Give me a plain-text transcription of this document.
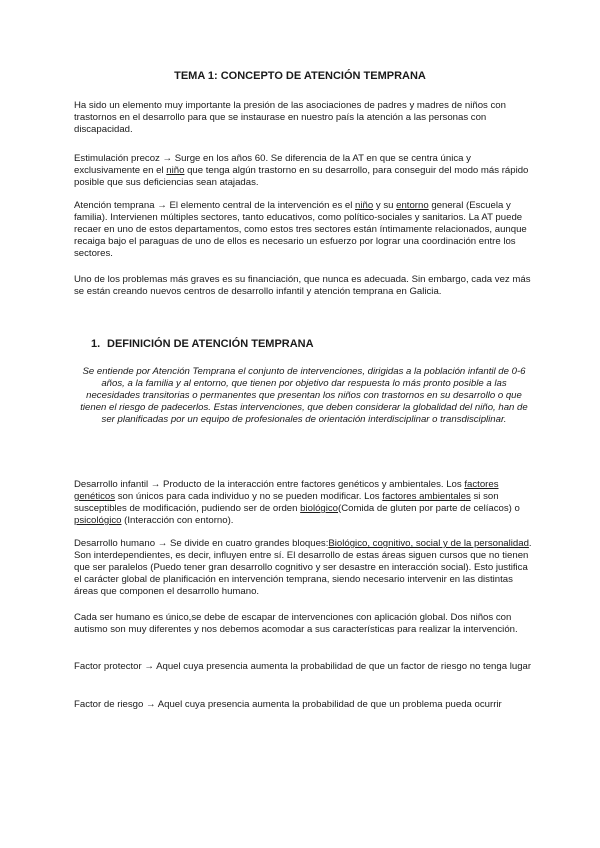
TEMA 1: CONCEPTO DE ATENCIÓN TEMPRANA

Ha sido un elemento muy importante la presión de las asociaciones de padres y madres de niños con trastornos en el desarrollo para que se instaurase en nuestro país la atención a las personas con discapacidad.

Estimulación precoz → Surge en los años 60. Se diferencia de la AT en que se centra única y exclusivamente en el niño que tenga algún trastorno en su desarrollo, para conseguir del modo más rápido posible que sus deficiencias sean atajadas.

Atención temprana → El elemento central de la intervención es el niño y su entorno general (Escuela y familia). Intervienen múltiples sectores, tanto educativos, como político-sociales y sanitarios. La AT puede recaer en uno de estos departamentos, como estos tres sectores están íntimamente relacionados, aunque recaiga bajo el paraguas de uno de ellos es necesario un esfuerzo por lograr una coordinación entre los sectores.

Uno de los problemas más graves es su financiación, que nunca es adecuada. Sin embargo, cada vez más se están creando nuevos centros de desarrollo infantil y atención temprana en Galicia.

1. DEFINICIÓN DE ATENCIÓN TEMPRANA

Se entiende por Atención Temprana el conjunto de intervenciones, dirigidas a la población infantil de 0-6 años, a la familia y al entorno, que tienen por objetivo dar respuesta lo más pronto posible a las necesidades transitorias o permanentes que presentan los niños con trastornos en su desarrollo o que tienen el riesgo de padecerlos. Estas intervenciones, que deben considerar la globalidad del niño, han de ser planificadas por un equipo de profesionales de orientación interdisciplinar o transdisciplinar.

Desarrollo infantil → Producto de la interacción entre factores genéticos y ambientales. Los factores genéticos son únicos para cada individuo y no se pueden modificar. Los factores ambientales si son susceptibles de modificación, pudiendo ser de orden biológico(Comida de gluten por parte de celíacos) o psicológico (Interacción con entorno).

Desarrollo humano → Se divide en cuatro grandes bloques:Biológico, cognitivo, social y de la personalidad. Son interdependientes, es decir, influyen entre sí. El desarrollo de estas áreas siguen cursos que no tienen que ser paralelos (Puedo tener gran desarrollo cognitivo y ser desastre en interacción social). Esto justifica el carácter global de planificación en intervención temprana, siendo necesario intervenir en las distintas áreas que componen el desarrollo humano.

Cada ser humano es único,se debe de escapar de intervenciones con aplicación global. Dos niños con autismo son muy diferentes y nos debemos acomodar a sus características para realizar la intervención.

Factor protector → Aquel cuya presencia aumenta la probabilidad de que un factor de riesgo no tenga lugar

Factor de riesgo → Aquel cuya presencia aumenta la probabilidad de que un problema pueda ocurrir
